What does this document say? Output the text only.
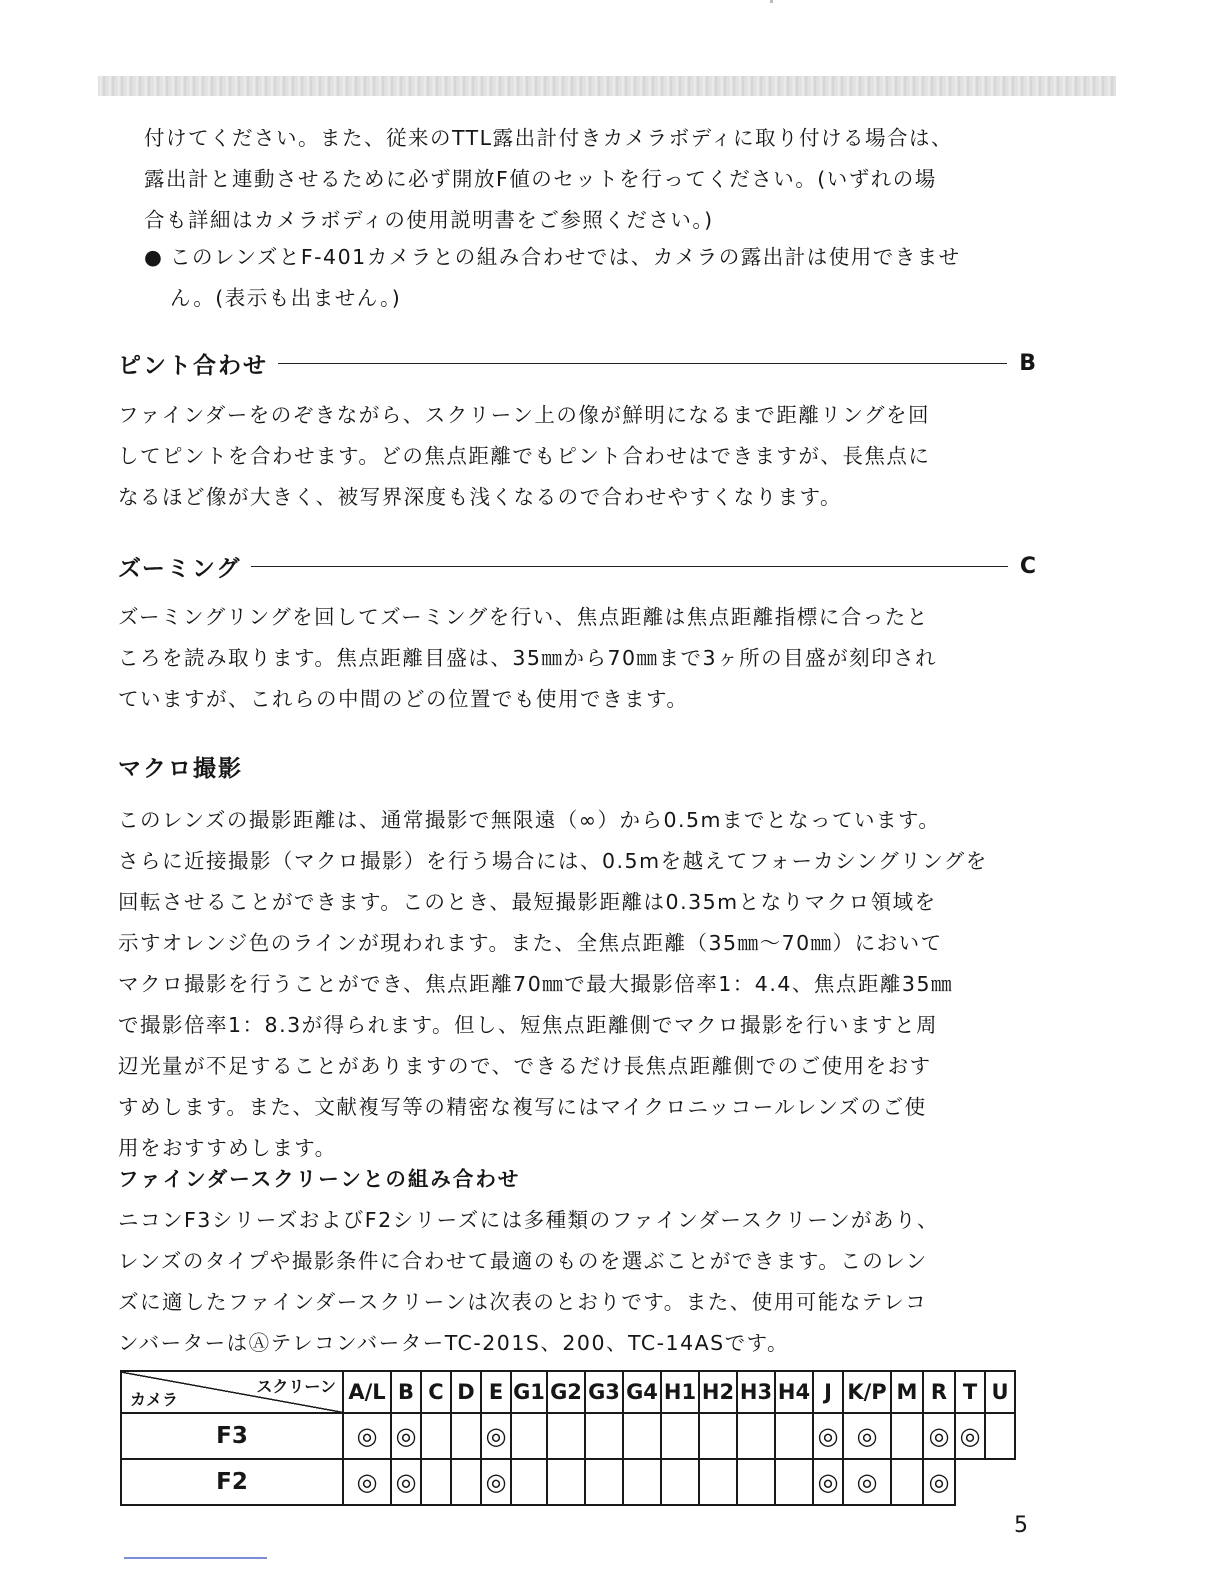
付けてください。また、従来のTTL露出計付きカメラボディに取り付ける場合は、
露出計と連動させるために必ず開放F値のセットを行ってください。(いずれの場
合も詳細はカメラボディの使用説明書をご参照ください。)
● このレンズとF-401カメラとの組み合わせでは、カメラの露出計は使用できませ
ん。(表示も出ません。)
ピント合わせ	B
ファインダーをのぞきながら、スクリーン上の像が鮮明になるまで距離リングを回
してピントを合わせます。どの焦点距離でもピント合わせはできますが、長焦点に
なるほど像が大きく、被写界深度も浅くなるので合わせやすくなります。
ズーミング	C
ズーミングリングを回してズーミングを行い、焦点距離は焦点距離指標に合ったと
ころを読み取ります。焦点距離目盛は、35㎜から70㎜まで3ヶ所の目盛が刻印され
ていますが、これらの中間のどの位置でも使用できます。
マクロ撮影
このレンズの撮影距離は、通常撮影で無限遠（∞）から0.5mまでとなっています。
さらに近接撮影（マクロ撮影）を行う場合には、0.5mを越えてフォーカシングリングを
回転させることができます。このとき、最短撮影距離は0.35mとなりマクロ領域を
示すオレンジ色のラインが現われます。また、全焦点距離（35㎜～70㎜）において
マクロ撮影を行うことができ、焦点距離70㎜で最大撮影倍率1：4.4、焦点距離35㎜
で撮影倍率1：8.3が得られます。但し、短焦点距離側でマクロ撮影を行いますと周
辺光量が不足することがありますので、できるだけ長焦点距離側でのご使用をおす
すめします。また、文献複写等の精密な複写にはマイクロニッコールレンズのご使
用をおすすめします。
ファインダースクリーンとの組み合わせ
ニコンF3シリーズおよびF2シリーズには多種類のファインダースクリーンがあり、
レンズのタイプや撮影条件に合わせて最適のものを選ぶことができます。このレン
ズに適したファインダースクリーンは次表のとおりです。また、使用可能なテレコ
ンバーターはⒶテレコンバーターTC-201S、200、TC-14ASです。
スクリーン
カメラ	A/L	B	C	D	E	G1	G2	G3	G4	H1	H2	H3	H4	J	K/P	M	R	T	U
F3	◎	◎			◎									◎	◎		◎	◎	
F2	◎	◎			◎									◎	◎		◎		
5
